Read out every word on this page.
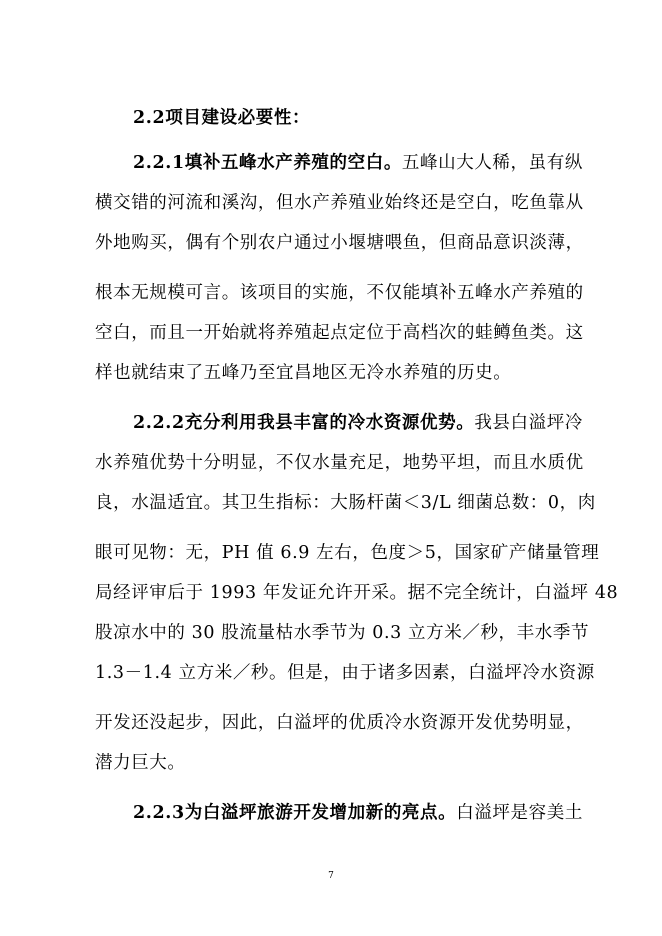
2.2项目建设必要性：
2.2.1填补五峰水产养殖的空白。五峰山大人稀，虽有纵
横交错的河流和溪沟，但水产养殖业始终还是空白，吃鱼靠从
外地购买，偶有个别农户通过小堰塘喂鱼，但商品意识淡薄，
根本无规模可言。该项目的实施，不仅能填补五峰水产养殖的
空白，而且一开始就将养殖起点定位于高档次的蛙鳟鱼类。这
样也就结束了五峰乃至宜昌地区无冷水养殖的历史。
2.2.2充分利用我县丰富的冷水资源优势。我县白溢坪冷
水养殖优势十分明显，不仅水量充足，地势平坦，而且水质优
良，水温适宜。其卫生指标：大肠杆菌＜3/L 细菌总数：0，肉
眼可见物：无，PH 值 6.9 左右，色度＞5，国家矿产储量管理
局经评审后于 1993 年发证允许开采。据不完全统计，白溢坪 48
股凉水中的 30 股流量枯水季节为 0.3 立方米／秒，丰水季节
1.3－1.4 立方米／秒。但是，由于诸多因素，白溢坪冷水资源
开发还没起步，因此，白溢坪的优质冷水资源开发优势明显，
潜力巨大。
2.2.3为白溢坪旅游开发增加新的亮点。白溢坪是容美土
7
